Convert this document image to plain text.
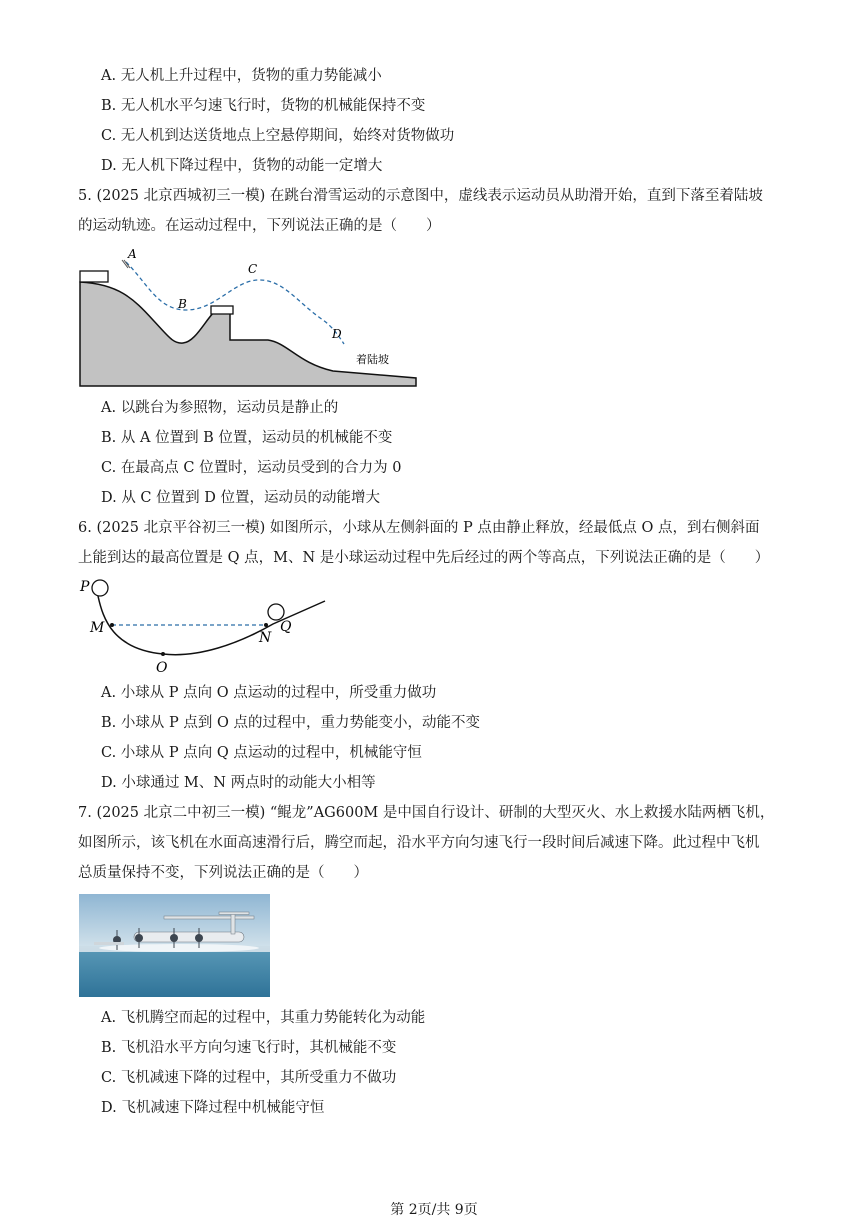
A. 无人机上升过程中，货物的重力势能减小
B. 无人机水平匀速飞行时，货物的机械能保持不变
C. 无人机到达送货地点上空悬停期间，始终对货物做功
D. 无人机下降过程中，货物的动能一定增大
5. (2025 北京西城初三一模) 在跳台滑雪运动的示意图中，虚线表示运动员从助滑开始，直到下落至着陆坡
的运动轨迹。在运动过程中，下列说法正确的是（　　）
A
B
C
D
着陆坡
A. 以跳台为参照物，运动员是静止的
B. 从 A 位置到 B 位置，运动员的机械能不变
C. 在最高点 C 位置时，运动员受到的合力为 0
D. 从 C 位置到 D 位置，运动员的动能增大
6. (2025 北京平谷初三一模) 如图所示，小球从左侧斜面的 P 点由静止释放，经最低点 O 点，到右侧斜面
上能到达的最高位置是 Q 点，M、N 是小球运动过程中先后经过的两个等高点，下列说法正确的是（　　）
P
M
O
N
Q
A. 小球从 P 点向 O 点运动的过程中，所受重力做功
B. 小球从 P 点到 O 点的过程中，重力势能变小，动能不变
C. 小球从 P 点向 Q 点运动的过程中，机械能守恒
D. 小球通过 M、N 两点时的动能大小相等
7. (2025 北京二中初三一模) “鲲龙”AG600M 是中国自行设计、研制的大型灭火、水上救援水陆两栖飞机，
如图所示，该飞机在水面高速滑行后，腾空而起，沿水平方向匀速飞行一段时间后减速下降。此过程中飞机
总质量保持不变，下列说法正确的是（　　）
A. 飞机腾空而起的过程中，其重力势能转化为动能
B. 飞机沿水平方向匀速飞行时，其机械能不变
C. 飞机减速下降的过程中，其所受重力不做功
D. 飞机减速下降过程中机械能守恒
第 2页/共 9页
